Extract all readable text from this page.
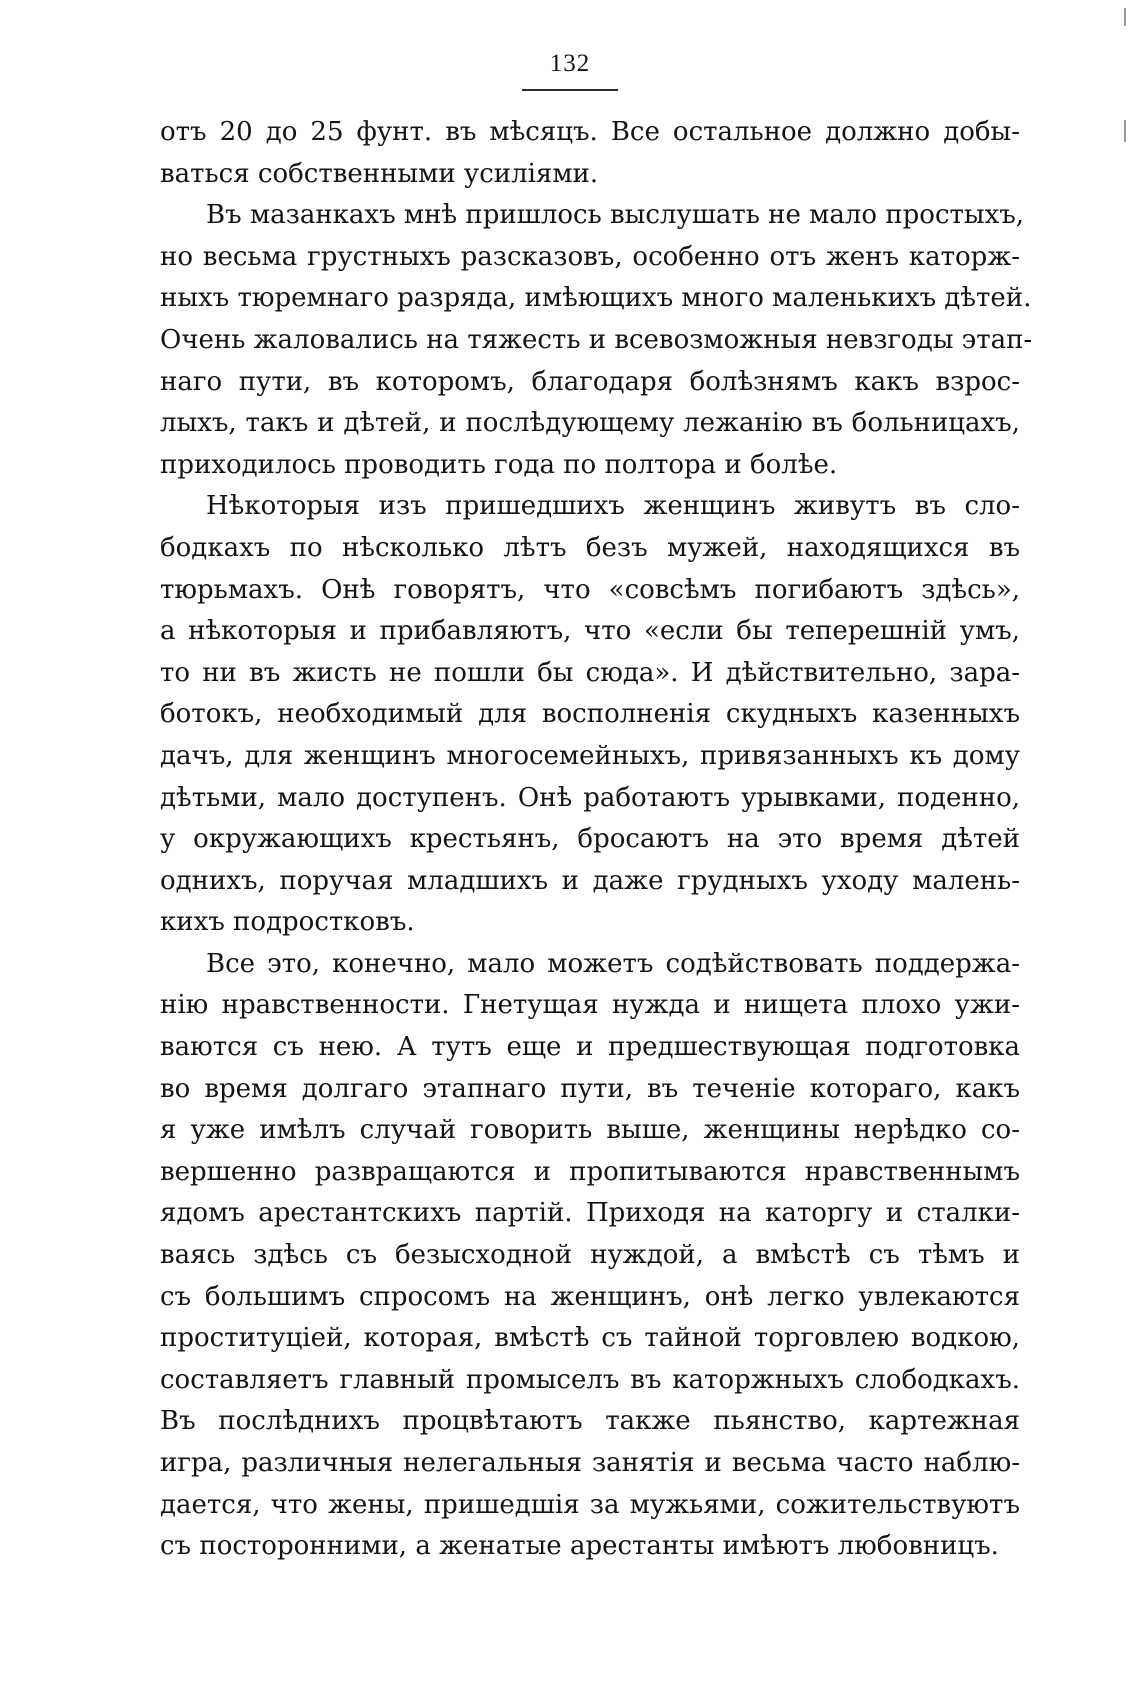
132
отъ 20 до 25 фунт. въ мѣсяцъ. Все остальное должно добы-
ваться собственными усиліями.
Въ мазанкахъ мнѣ пришлось выслушать не мало простыхъ,
но весьма грустныхъ разсказовъ, особенно отъ женъ каторж-
ныхъ тюремнаго разряда, имѣющихъ много маленькихъ дѣтей.
Очень жаловались на тяжесть и всевозможныя невзгоды этап-
наго пути, въ которомъ, благодаря болѣзнямъ какъ взрос-
лыхъ, такъ и дѣтей, и послѣдующему лежанію въ больницахъ,
приходилось проводить года по полтора и болѣе.
Нѣкоторыя изъ пришедшихъ женщинъ живутъ въ сло-
бодкахъ по нѣсколько лѣтъ безъ мужей, находящихся въ
тюрьмахъ. Онѣ говорятъ, что «совсѣмъ погибаютъ здѣсь»,
а нѣкоторыя и прибавляютъ, что «если бы теперешній умъ,
то ни въ жисть не пошли бы сюда». И дѣйствительно, зара-
ботокъ, необходимый для восполненія скудныхъ казенныхъ
дачъ, для женщинъ многосемейныхъ, привязанныхъ къ дому
дѣтьми, мало доступенъ. Онѣ работаютъ урывками, поденно,
у окружающихъ крестьянъ, бросаютъ на это время дѣтей
однихъ, поручая младшихъ и даже грудныхъ уходу малень-
кихъ подростковъ.
Все это, конечно, мало можетъ содѣйствовать поддержа-
нію нравственности. Гнетущая нужда и нищета плохо ужи-
ваются съ нею. А тутъ еще и предшествующая подготовка
во время долгаго этапнаго пути, въ теченіе котораго, какъ
я уже имѣлъ случай говорить выше, женщины нерѣдко со-
вершенно развращаются и пропитываются нравственнымъ
ядомъ арестантскихъ партій. Приходя на каторгу и сталки-
ваясь здѣсь съ безысходной нуждой, а вмѣстѣ съ тѣмъ и
съ большимъ спросомъ на женщинъ, онѣ легко увлекаются
проституціей, которая, вмѣстѣ съ тайной торговлею водкою,
составляетъ главный промыселъ въ каторжныхъ слободкахъ.
Въ послѣднихъ процвѣтаютъ также пьянство, картежная
игра, различныя нелегальныя занятія и весьма часто наблю-
дается, что жены, пришедшія за мужьями, сожительствуютъ
съ посторонними, а женатые арестанты имѣютъ любовницъ.
